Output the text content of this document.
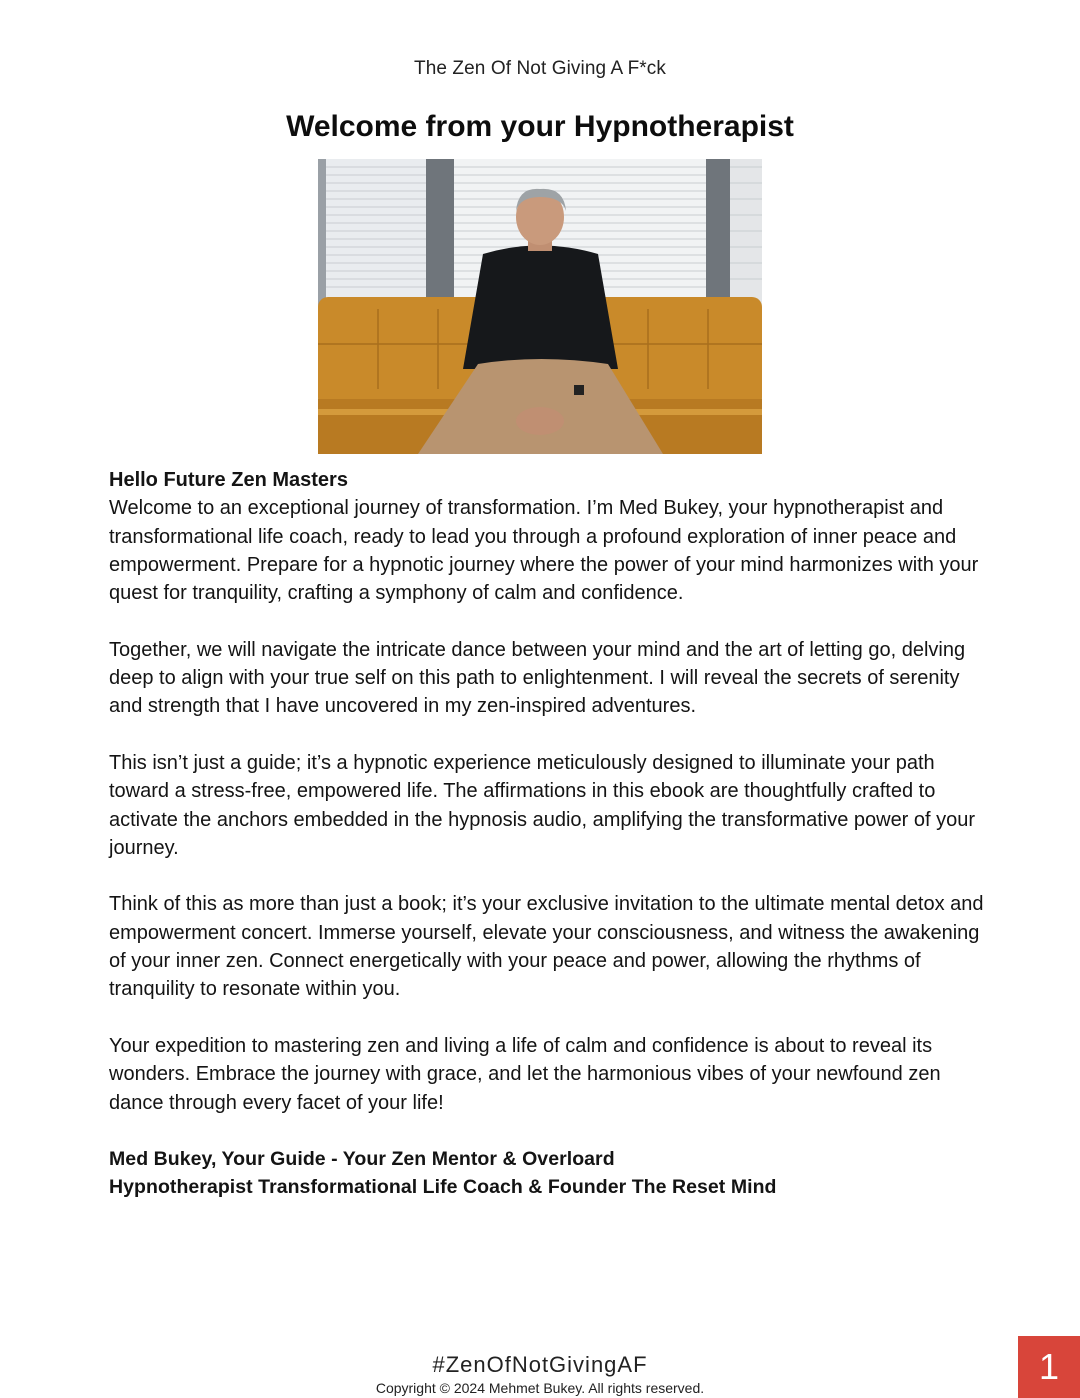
The Zen Of Not Giving A F*ck
Welcome from your Hypnotherapist

Hello Future Zen Masters

Welcome to an exceptional journey of transformation. I’m Med Bukey, your hypnotherapist and transformational life coach, ready to lead you through a profound exploration of inner peace and empowerment. Prepare for a hypnotic journey where the power of your mind harmonizes with your quest for tranquility, crafting a symphony of calm and confidence.

Together, we will navigate the intricate dance between your mind and the art of letting go, delving deep to align with your true self on this path to enlightenment. I will reveal the secrets of serenity and strength that I have uncovered in my zen-inspired adventures.

This isn’t just a guide; it’s a hypnotic experience meticulously designed to illuminate your path toward a stress-free, empowered life. The affirmations in this ebook are thoughtfully crafted to activate the anchors embedded in the hypnosis audio, amplifying the transformative power of your journey.

Think of this as more than just a book; it’s your exclusive invitation to the ultimate mental detox and empowerment concert. Immerse yourself, elevate your consciousness, and witness the awakening of your inner zen. Connect energetically with your peace and power, allowing the rhythms of tranquility to resonate within you.

Your expedition to mastering zen and living a life of calm and confidence is about to reveal its wonders. Embrace the journey with grace, and let the harmonious vibes of your newfound zen dance through every facet of your life!

Med Bukey, Your Guide - Your Zen Mentor & Overloard

Hypnotherapist Transformational Life Coach & Founder The Reset Mind

#ZenOfNotGivingAF
Copyright © 2024 Mehmet Bukey. All rights reserved.
1
